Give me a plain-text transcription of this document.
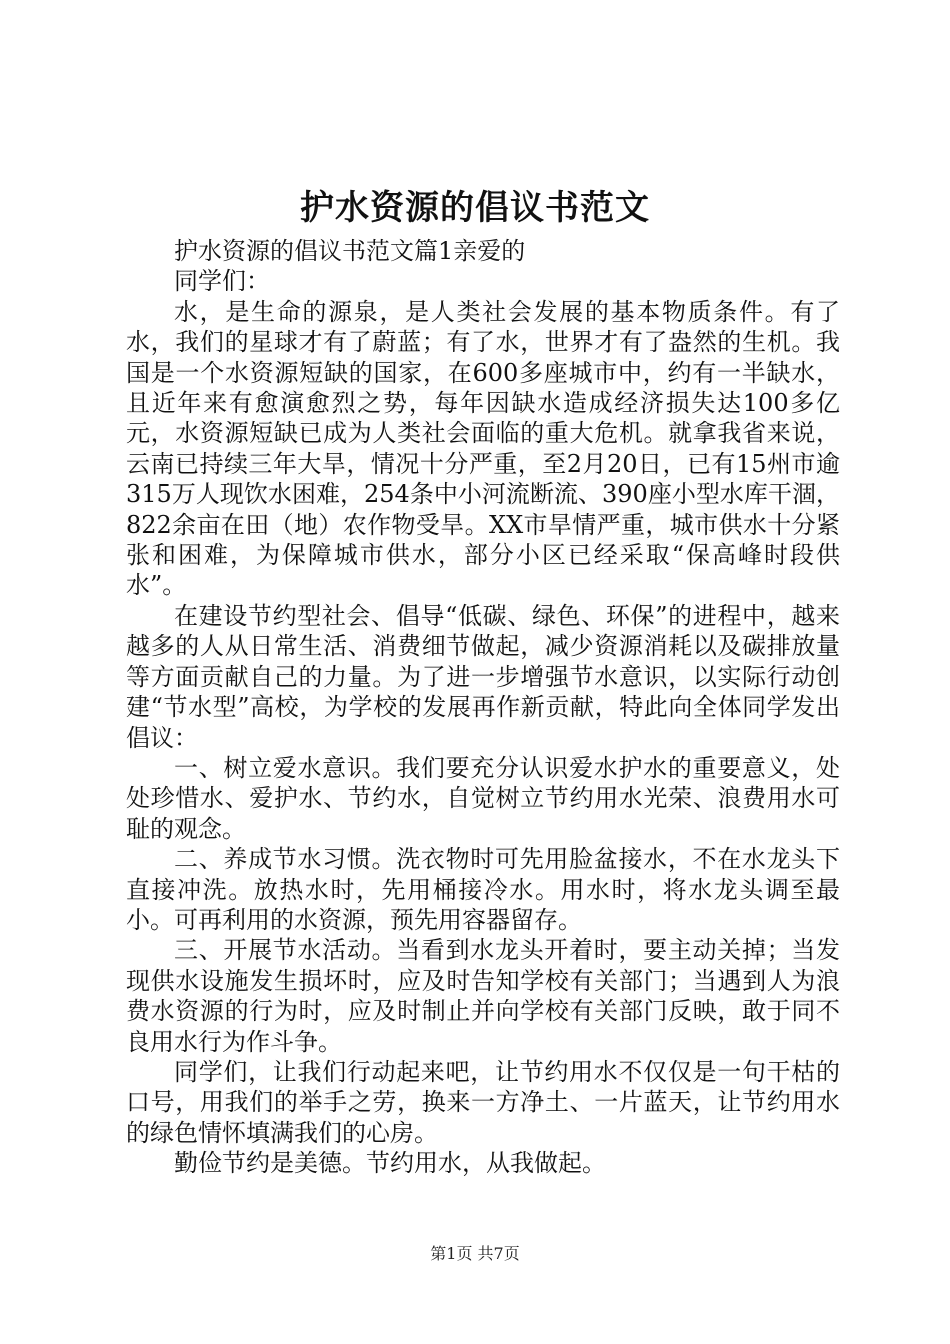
护水资源的倡议书范文

护水资源的倡议书范文篇1亲爱的

同学们：

水，是生命的源泉，是人类社会发展的基本物质条件。有了水，我们的星球才有了蔚蓝；有了水，世界才有了盎然的生机。我国是一个水资源短缺的国家，在600多座城市中，约有一半缺水，且近年来有愈演愈烈之势，每年因缺水造成经济损失达100多亿元，水资源短缺已成为人类社会面临的重大危机。就拿我省来说，云南已持续三年大旱，情况十分严重，至2月20日，已有15州市逾315万人现饮水困难，254条中小河流断流、390座小型水库干涸，822余亩在田（地）农作物受旱。XX市旱情严重，城市供水十分紧张和困难，为保障城市供水，部分小区已经采取“保高峰时段供水”。

在建设节约型社会、倡导“低碳、绿色、环保”的进程中，越来越多的人从日常生活、消费细节做起，减少资源消耗以及碳排放量等方面贡献自己的力量。为了进一步增强节水意识，以实际行动创建“节水型”高校，为学校的发展再作新贡献，特此向全体同学发出倡议：

一、树立爱水意识。我们要充分认识爱水护水的重要意义，处处珍惜水、爱护水、节约水，自觉树立节约用水光荣、浪费用水可耻的观念。

二、养成节水习惯。洗衣物时可先用脸盆接水，不在水龙头下直接冲洗。放热水时，先用桶接冷水。用水时，将水龙头调至最小。可再利用的水资源，预先用容器留存。

三、开展节水活动。当看到水龙头开着时，要主动关掉；当发现供水设施发生损坏时，应及时告知学校有关部门；当遇到人为浪费水资源的行为时，应及时制止并向学校有关部门反映，敢于同不良用水行为作斗争。

同学们，让我们行动起来吧，让节约用水不仅仅是一句干枯的口号，用我们的举手之劳，换来一方净土、一片蓝天，让节约用水的绿色情怀填满我们的心房。

勤俭节约是美德。节约用水，从我做起。

第1页 共7页
